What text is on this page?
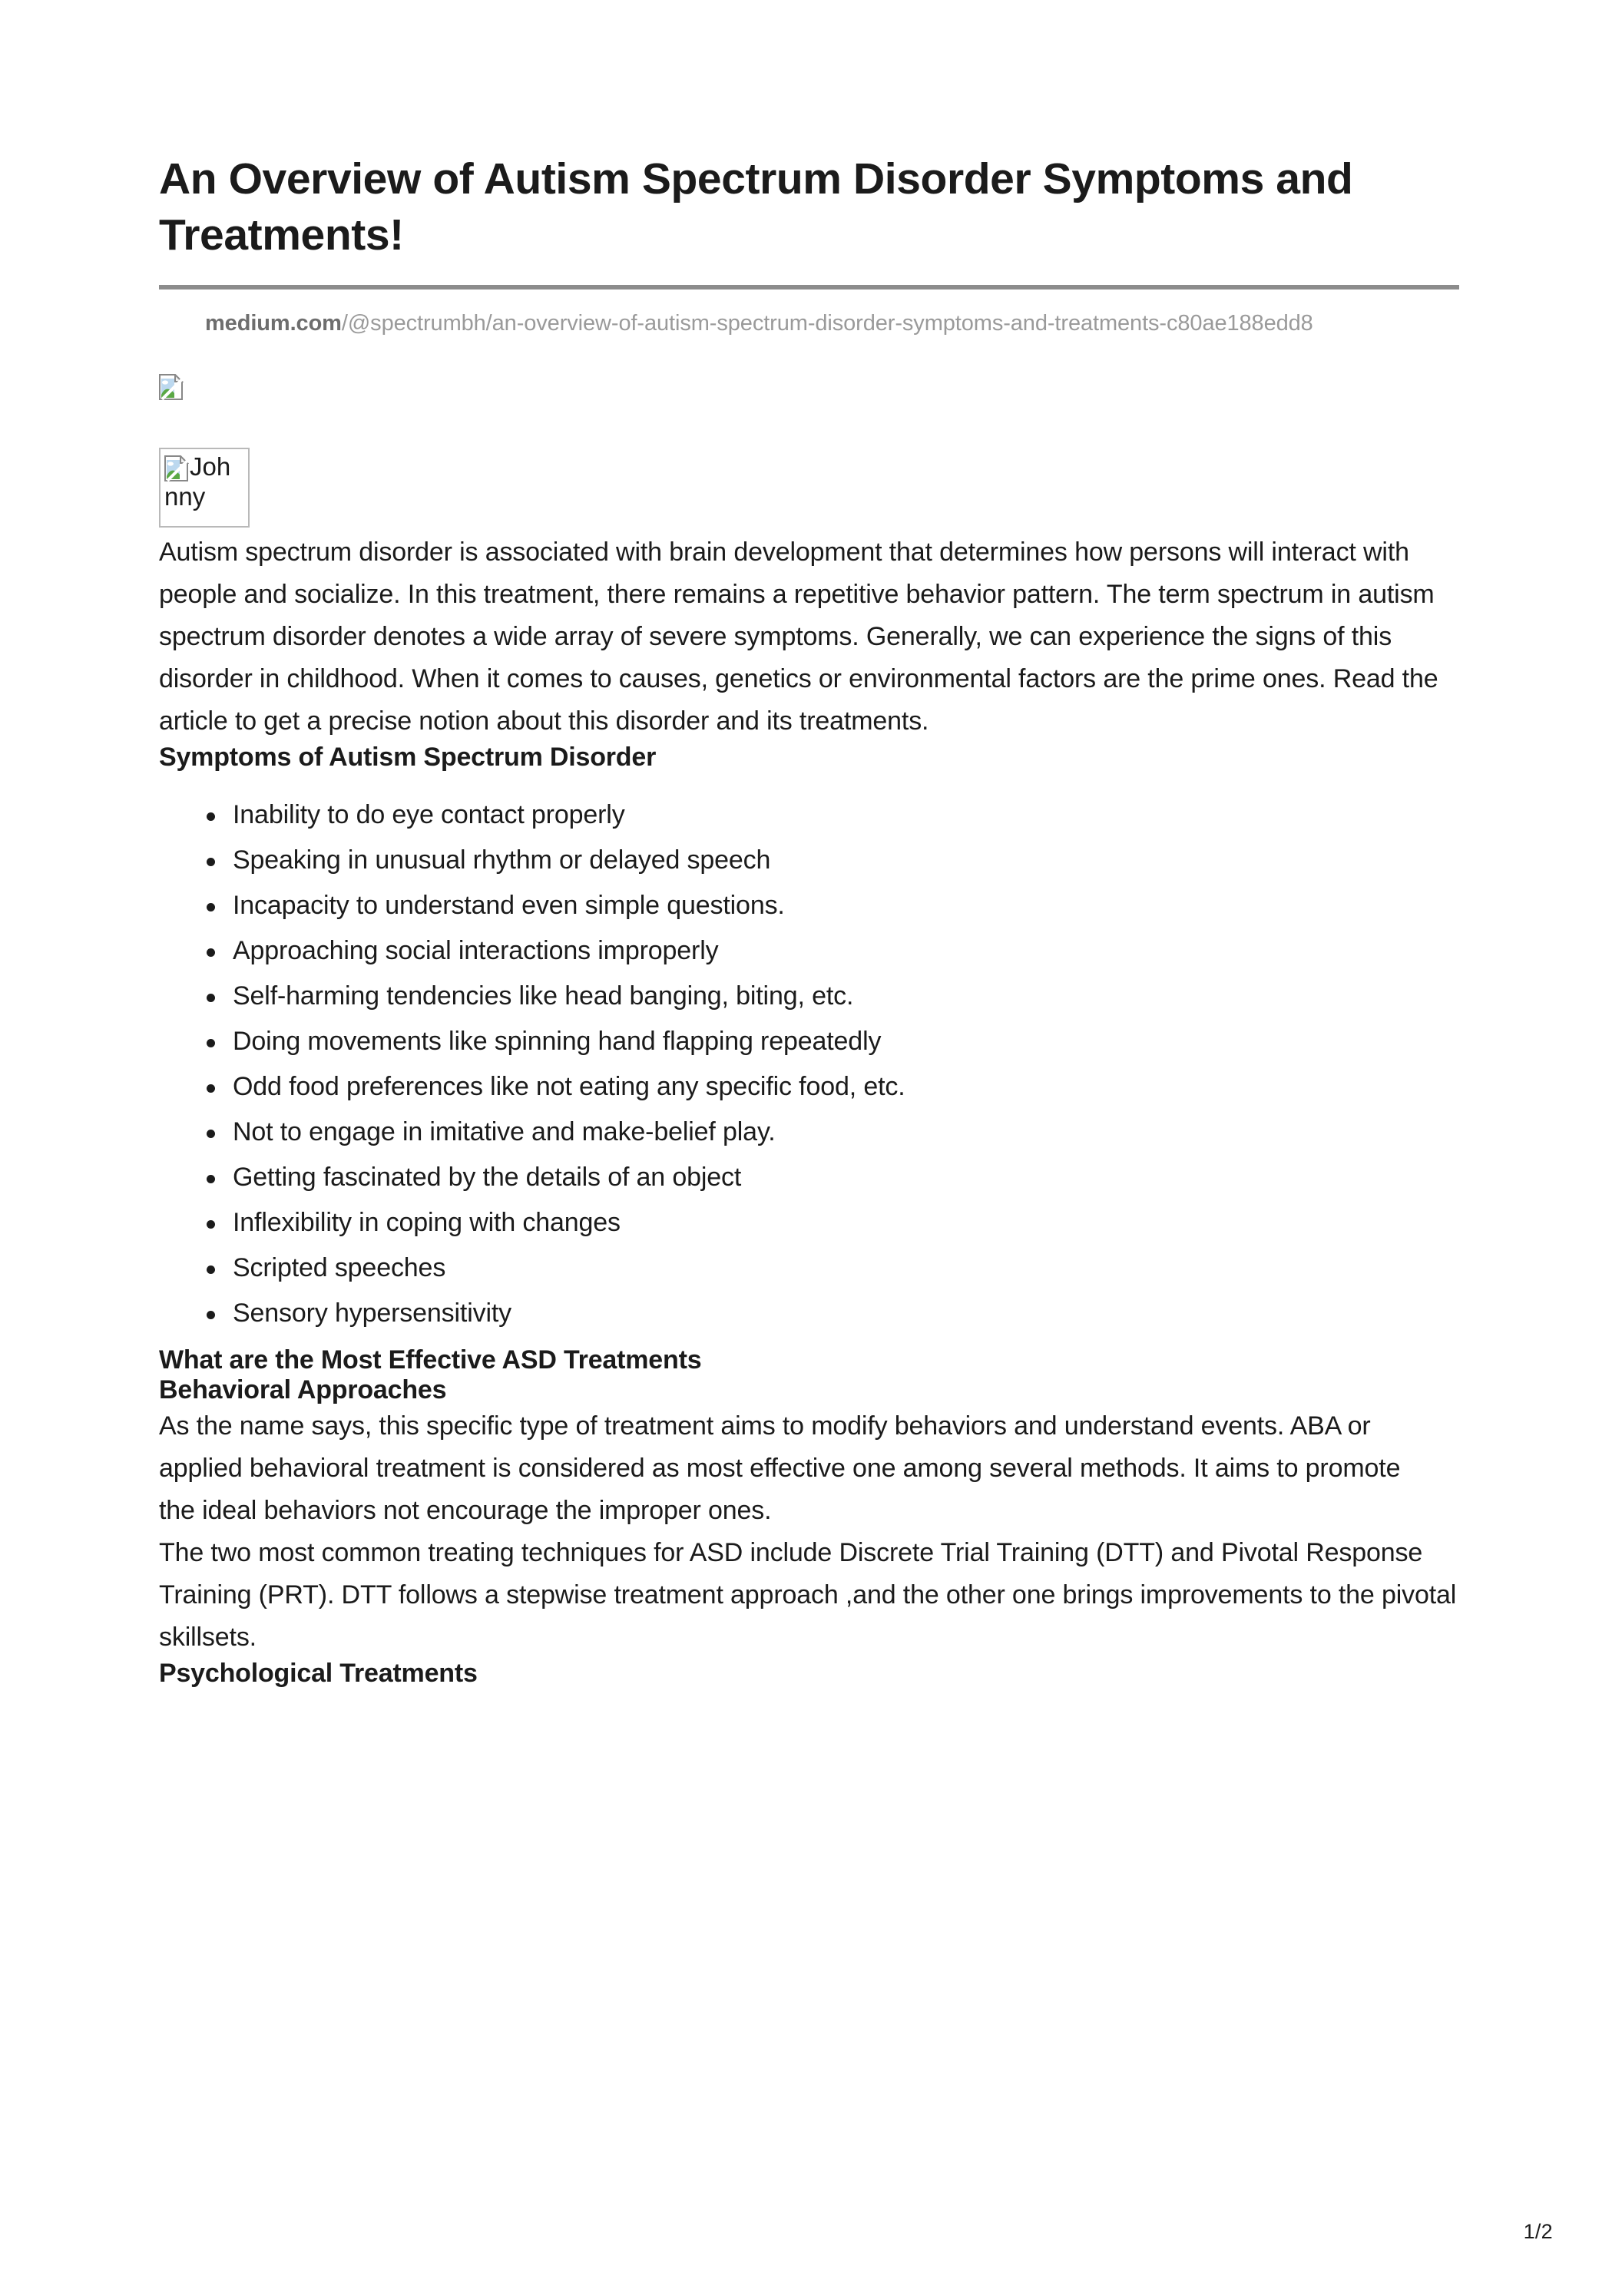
An Overview of Autism Spectrum Disorder Symptoms and Treatments!
medium.com/@spectrumbh/an-overview-of-autism-spectrum-disorder-symptoms-and-treatments-c80ae188edd8
Johnny

Autism spectrum disorder is associated with brain development that determines how persons will interact with people and socialize. In this treatment, there remains a repetitive behavior pattern. The term spectrum in autism spectrum disorder denotes a wide array of severe symptoms. Generally, we can experience the signs of this disorder in childhood. When it comes to causes, genetics or environmental factors are the prime ones. Read the article to get a precise notion about this disorder and its treatments.

Symptoms of Autism Spectrum Disorder
Inability to do eye contact properly
Speaking in unusual rhythm or delayed speech
Incapacity to understand even simple questions.
Approaching social interactions improperly
Self-harming tendencies like head banging, biting, etc.
Doing movements like spinning hand flapping repeatedly
Odd food preferences like not eating any specific food, etc.
Not to engage in imitative and make-belief play.
Getting fascinated by the details of an object
Inflexibility in coping with changes
Scripted speeches
Sensory hypersensitivity
What are the Most Effective ASD Treatments
Behavioral Approaches

As the name says, this specific type of treatment aims to modify behaviors and understand events. ABA or applied behavioral treatment is considered as most effective one among several methods. It aims to promote the ideal behaviors not encourage the improper ones.

The two most common treating techniques for ASD include Discrete Trial Training (DTT) and Pivotal Response Training (PRT). DTT follows a stepwise treatment approach ,and the other one brings improvements to the pivotal skillsets.

Psychological Treatments
1/2
